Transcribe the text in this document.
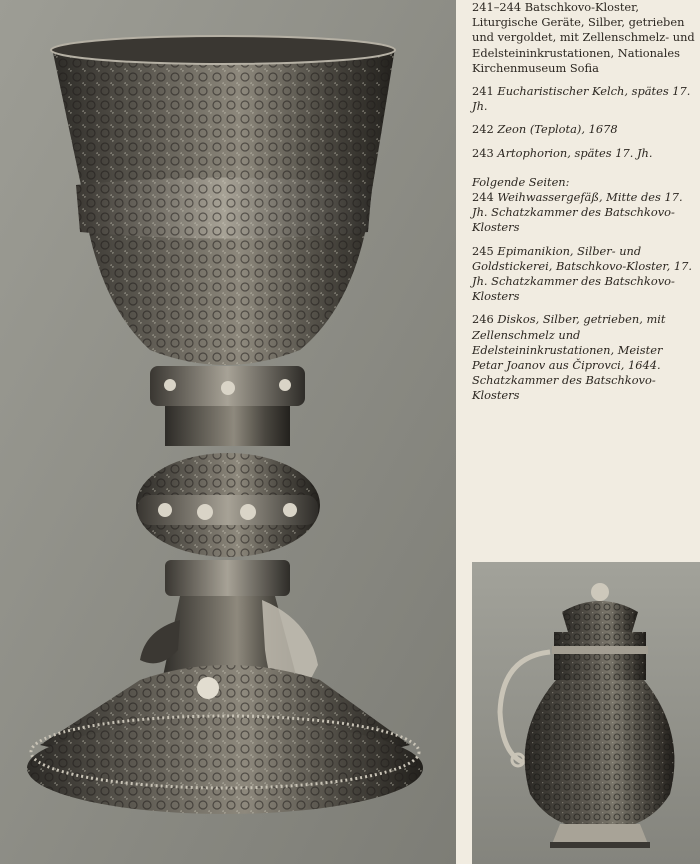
241–244 Batschkovo-Kloster, Liturgische Geräte, Silber, getrieben und vergoldet, mit Zellenschmelz- und Edelsteininkrustationen, Nationales Kirchenmuseum Sofia

241 Eucharistischer Kelch, spätes 17. Jh.

242 Zeon (Teplota), 1678

243 Artophorion, spätes 17. Jh.

Folgende Seiten:
244 Weihwassergefäß, Mitte des 17. Jh. Schatzkammer des Batschkovo-Klosters

245 Epimanikion, Silber- und Goldstickerei, Batschkovo-Kloster, 17. Jh. Schatzkammer des Batschkovo-Klosters

246 Diskos, Silber, getrieben, mit Zellenschmelz und Edelsteininkrustationen, Meister Petar Joanov aus Čiprovci, 1644. Schatzkammer des Batschkovo-Klosters
